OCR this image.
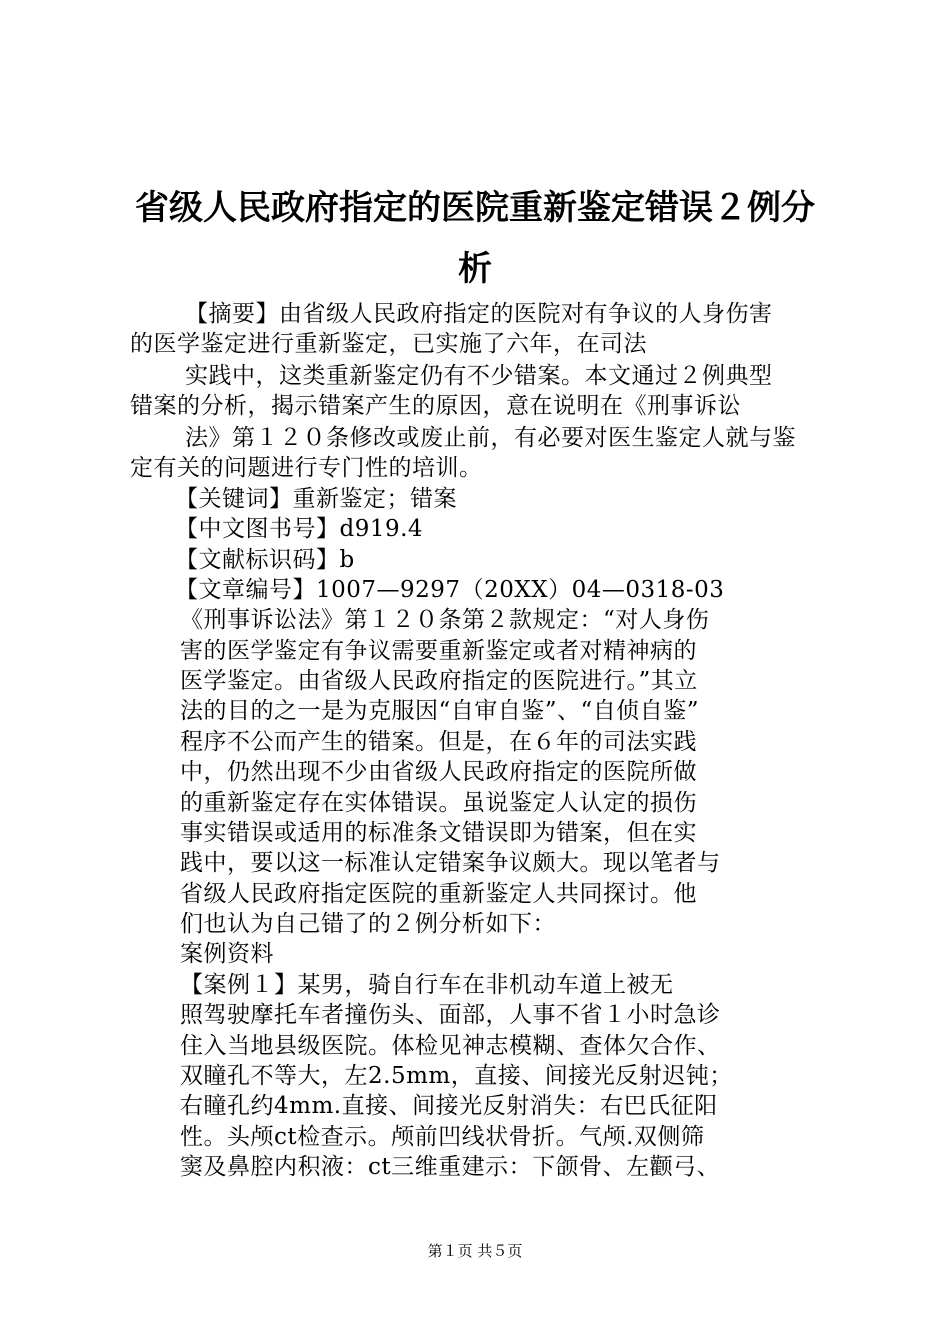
省级人民政府指定的医院重新鉴定错误２例分
析
【摘要】由省级人民政府指定的医院对有争议的人身伤害
的医学鉴定进行重新鉴定，已实施了六年，在司法
实践中，这类重新鉴定仍有不少错案。本文通过２例典型
错案的分析，揭示错案产生的原因，意在说明在《刑事诉讼
法》第１２０条修改或废止前，有必要对医生鉴定人就与鉴
定有关的问题进行专门性的培训。
【关键词】重新鉴定；错案
【中文图书号】d919.4
【文献标识码】b
【文章编号】1007—9297（20XX）04—0318-03
《刑事诉讼法》第１２０条第２款规定：“对人身伤
害的医学鉴定有争议需要重新鉴定或者对精神病的
医学鉴定。由省级人民政府指定的医院进行。”其立
法的目的之一是为克服因“自审自鉴”、“自侦自鉴”
程序不公而产生的错案。但是，在６年的司法实践
中，仍然出现不少由省级人民政府指定的医院所做
的重新鉴定存在实体错误。虽说鉴定人认定的损伤
事实错误或适用的标准条文错误即为错案，但在实
践中，要以这一标准认定错案争议颇大。现以笔者与
省级人民政府指定医院的重新鉴定人共同探讨。他
们也认为自己错了的２例分析如下：
案例资料
【案例１】某男，骑自行车在非机动车道上被无
照驾驶摩托车者撞伤头、面部，人事不省１小时急诊
住入当地县级医院。体检见神志模糊、查体欠合作、
双瞳孔不等大，左2.5mm，直接、间接光反射迟钝；
右瞳孔约4mm.直接、间接光反射消失：右巴氏征阳
性。头颅ct检查示。颅前凹线状骨折。气颅.双侧筛
窦及鼻腔内积液：ct三维重建示：下颌骨、左颧弓、
第１页 共５页
